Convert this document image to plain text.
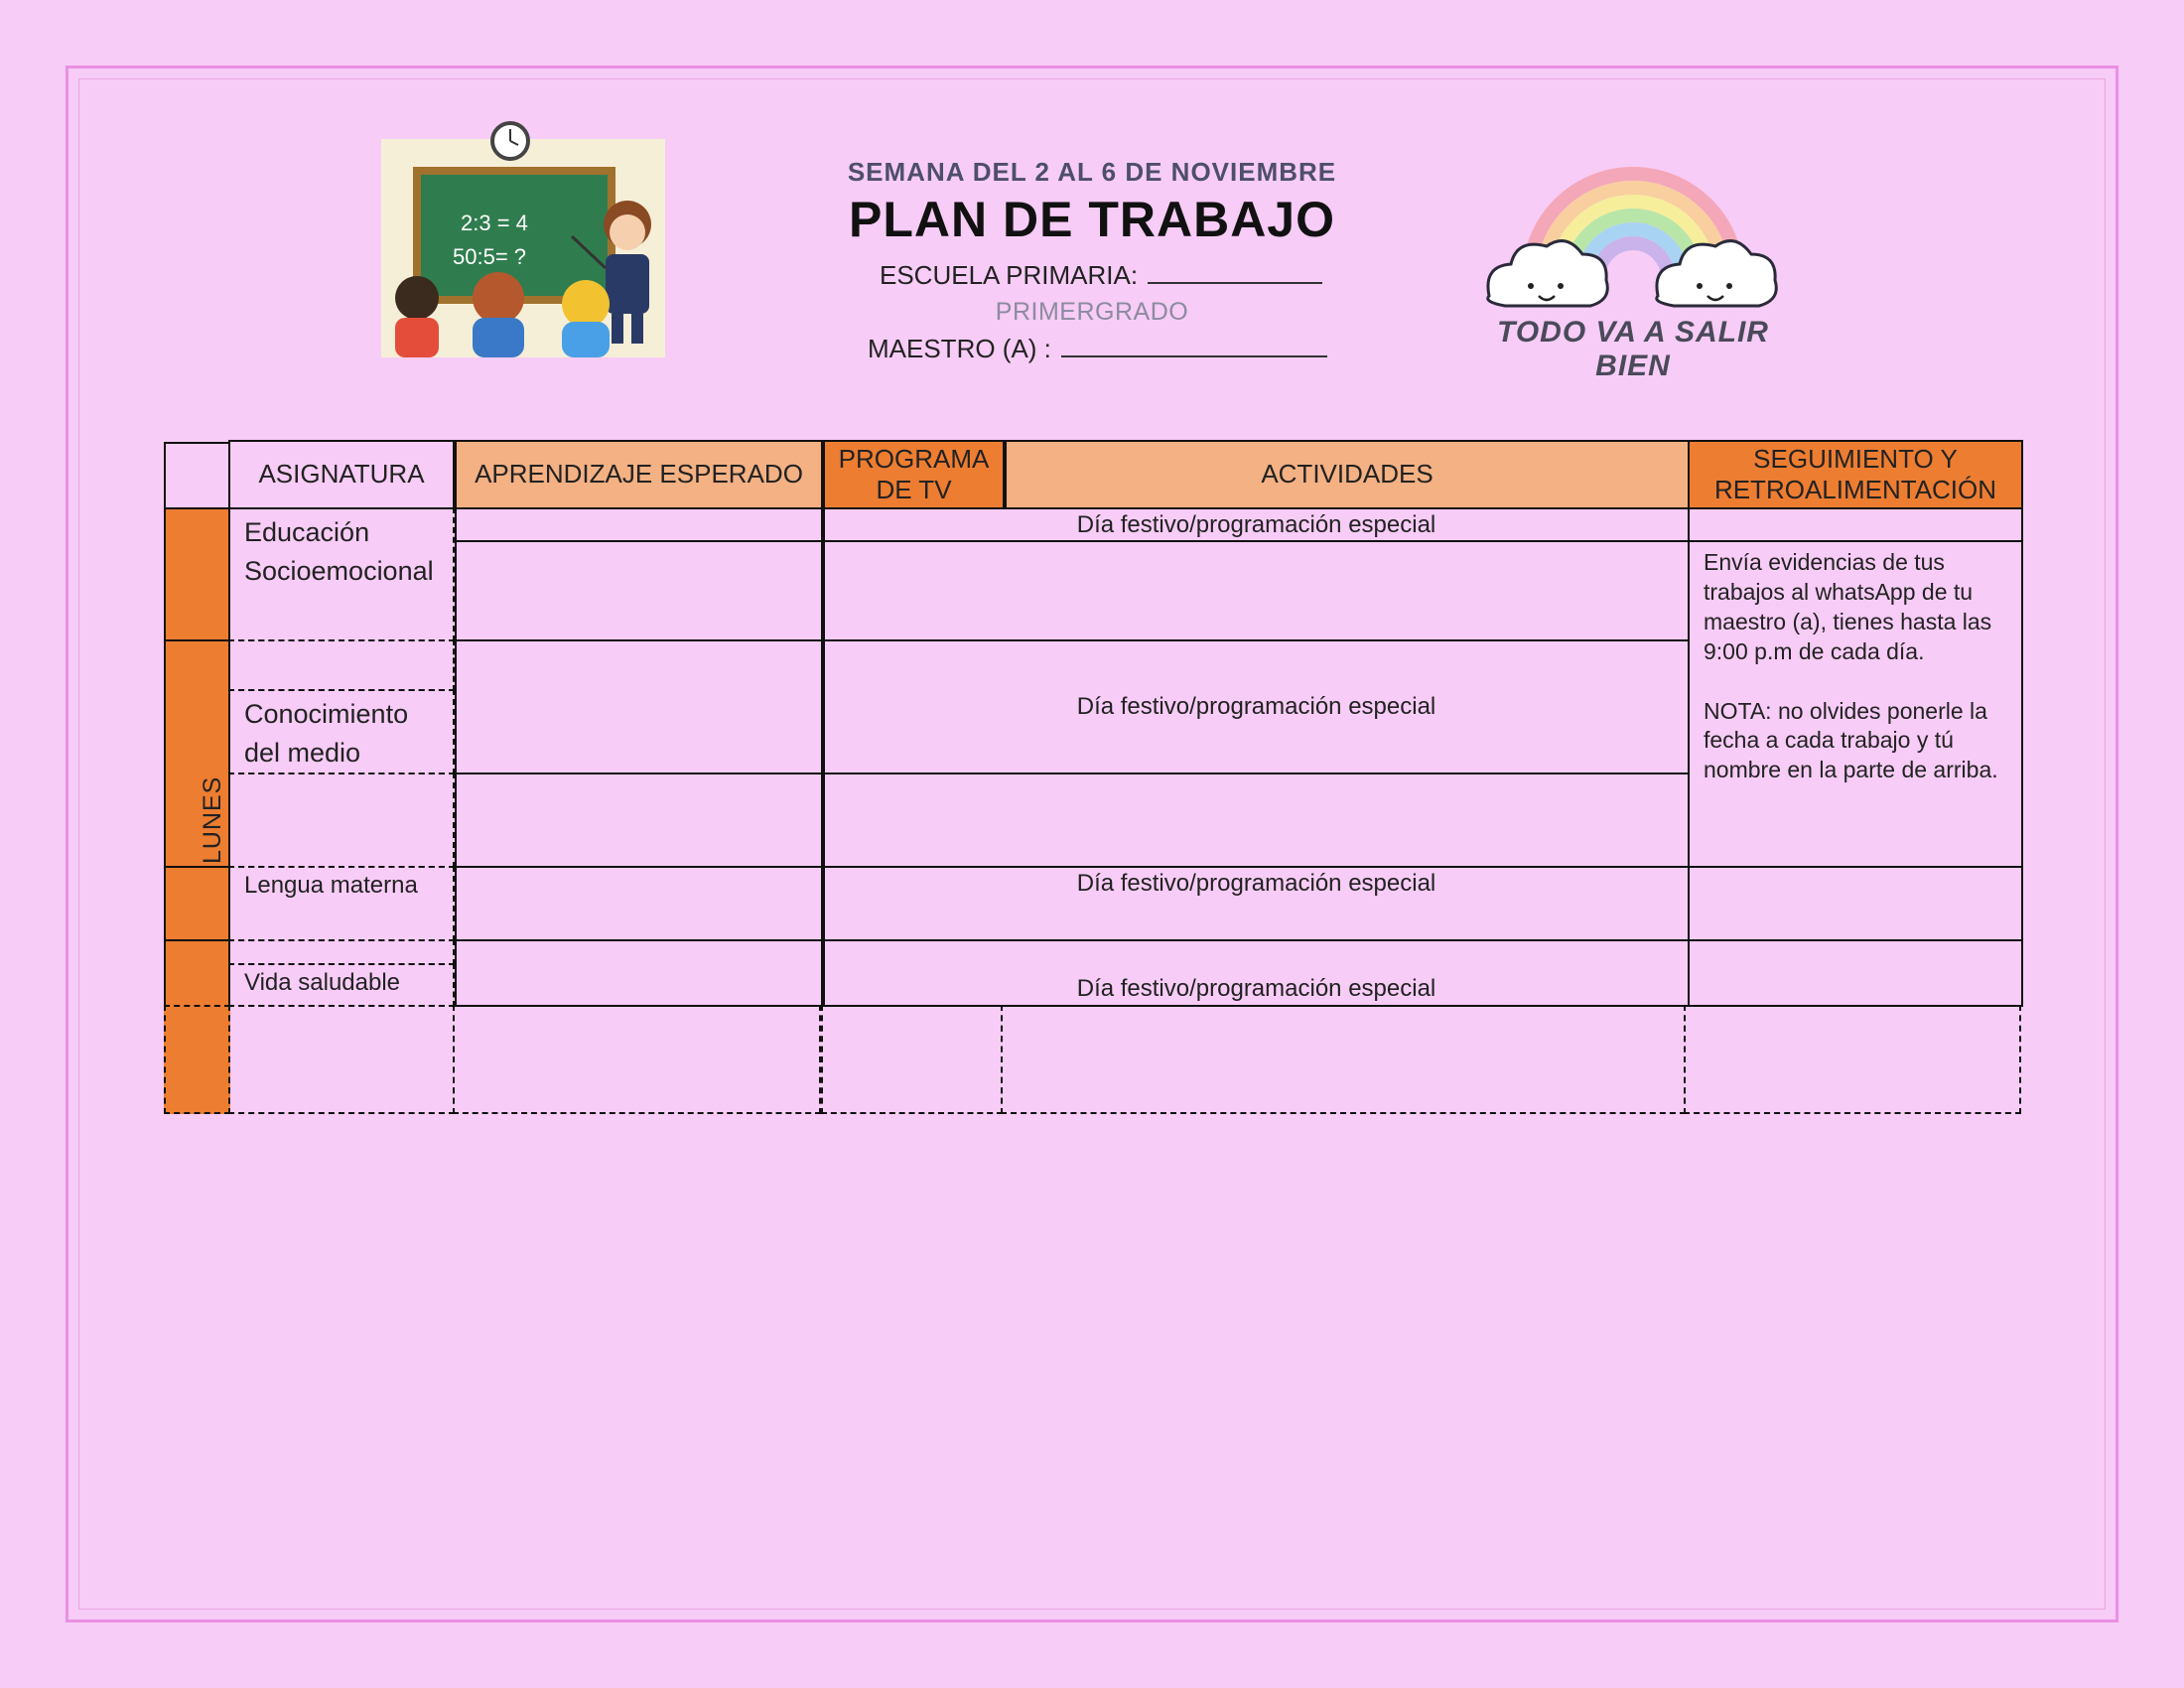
2:3 = 4
50:5= ?
SEMANA DEL 2 AL 6 DE NOVIEMBRE
PLAN DE TRABAJO
ESCUELA PRIMARIA:
PRIMERGRADO
MAESTRO (A) :	TODO VA A SALIR BIEN
ASIGNATURA	APRENDIZAJE ESPERADO
PROGRAMA DE TV
ACTIVIDADES
SEGUIMIENTO Y RETROALIMENTACIÓN
LUNES
Educación Socioemocional
Conocimiento del medio
Lengua materna
Vida saludable
Día festivo/programación especial
Día festivo/programación especial
Día festivo/programación especial
Día festivo/programación especial
Envía evidencias de tus trabajos al whatsApp de tu maestro (a), tienes hasta las 9:00 p.m de cada día.
NOTA: no olvides ponerle la fecha a cada trabajo y tú nombre en la parte de arriba.
